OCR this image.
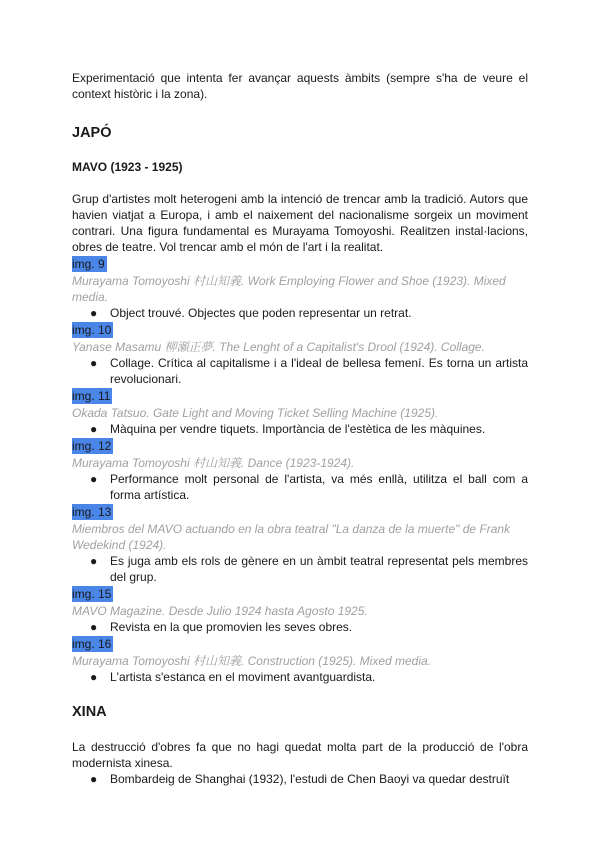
Experimentació que intenta fer avançar aquests àmbits (sempre s'ha de veure el context històric i la zona).

JAPÓ
MAVO (1923 - 1925)

Grup d'artistes molt heterogeni amb la intenció de trencar amb la tradició. Autors que havien viatjat a Europa, i amb el naixement del nacionalisme sorgeix un moviment contrari. Una figura fundamental es Murayama Tomoyoshi. Realitzen instal·lacions, obres de teatre. Vol trencar amb el món de l'art i la realitat.

img. 9
Murayama Tomoyoshi 村山知義. Work Employing Flower and Shoe (1923). Mixed media.
● Object trouvé. Objectes que poden representar un retrat.
img. 10
Yanase Masamu 柳瀬正夢. The Lenght of a Capitalist's Drool (1924). Collage.
● Collage. Crítica al capitalisme i a l'ideal de bellesa femení. Es torna un artista revolucionari.
img. 11
Okada Tatsuo. Gate Light and Moving Ticket Selling Machine (1925).
● Màquina per vendre tiquets. Importància de l'estètica de les màquines.
img. 12
Murayama Tomoyoshi 村山知義. Dance (1923-1924).
● Performance molt personal de l'artista, va més enllà, utilitza el ball com a forma artística.
img. 13
Miembros del MAVO actuando en la obra teatral "La danza de la muerte" de Frank Wedekind (1924).
● Es juga amb els rols de gènere en un àmbit teatral representat pels membres del grup.
img. 15
MAVO Magazine. Desde Julio 1924 hasta Agosto 1925.
● Revista en la que promovien les seves obres.
img. 16
Murayama Tomoyoshi 村山知義. Construction (1925). Mixed media.
● L'artista s'estanca en el moviment avantguardista.
XINA

La destrucció d'obres fa que no hagi quedat molta part de la producció de l'obra modernista xinesa.

● Bombardeig de Shanghai (1932), l'estudi de Chen Baoyi va quedar destruït
